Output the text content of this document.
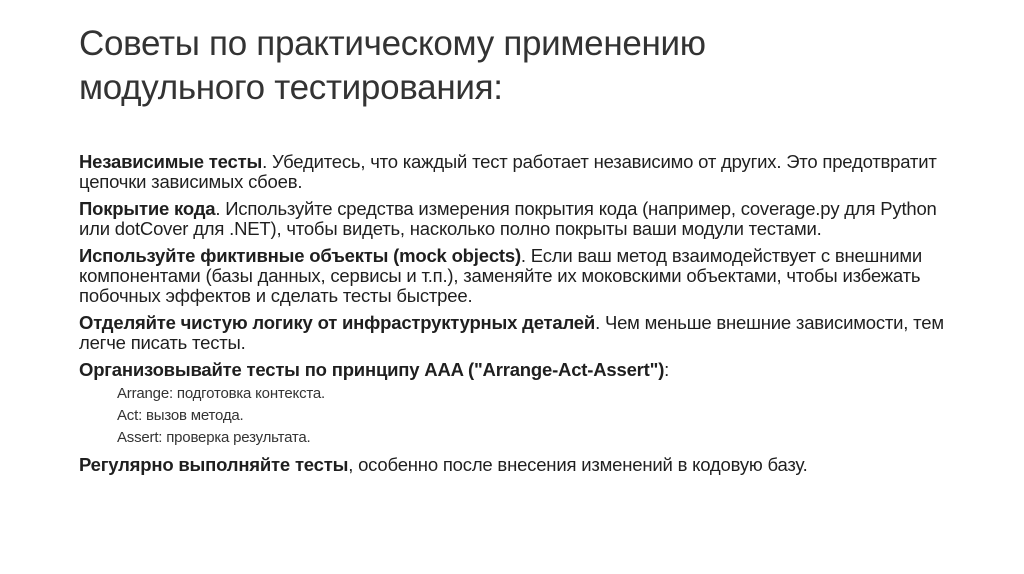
Советы по практическому применению
модульного тестирования:

Независимые тесты. Убедитесь, что каждый тест работает независимо от других. Это предотвратит цепочки зависимых сбоев.

Покрытие кода. Используйте средства измерения покрытия кода (например, coverage.py для Python или dotCover для .NET), чтобы видеть, насколько полно покрыты ваши модули тестами.

Используйте фиктивные объекты (mock objects). Если ваш метод взаимодействует с внешними компонентами (базы данных, сервисы и т.п.), заменяйте их моковскими объектами, чтобы избежать побочных эффектов и сделать тесты быстрее.

Отделяйте чистую логику от инфраструктурных деталей. Чем меньше внешние зависимости, тем легче писать тесты.

Организовывайте тесты по принципу AAA ("Arrange-Act-Assert"):

Arrange: подготовка контекста.
Act: вызов метода.
Assert: проверка результата.

Регулярно выполняйте тесты, особенно после внесения изменений в кодовую базу.
